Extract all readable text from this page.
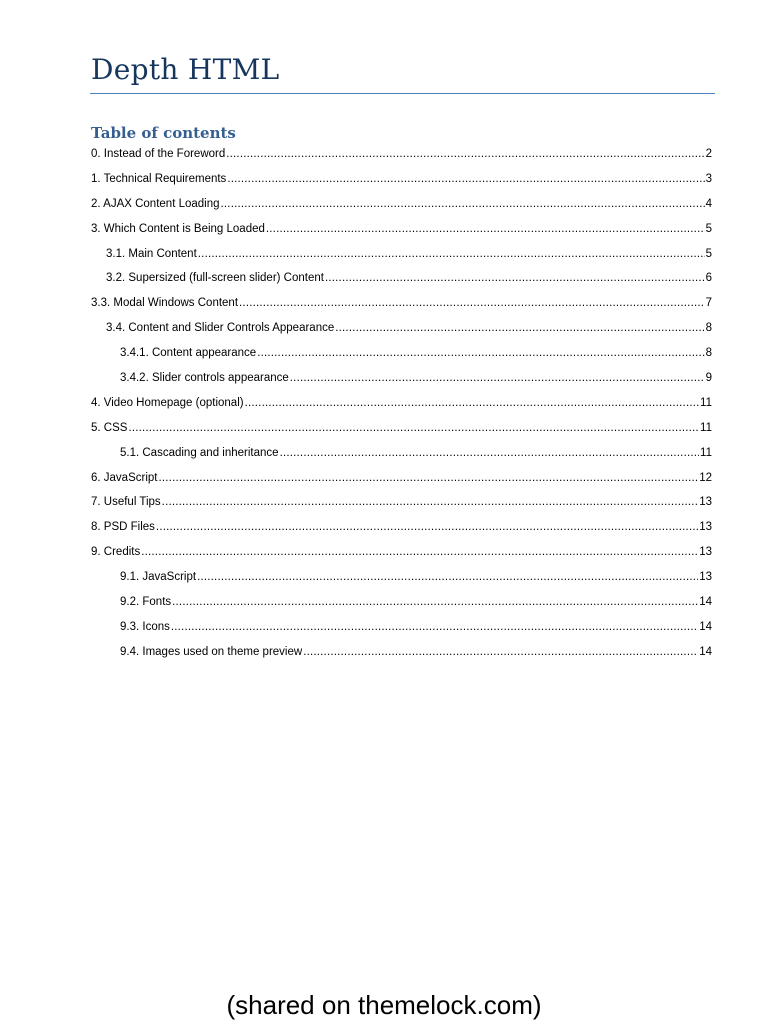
Depth HTML
Table of contents
0. Instead of the Foreword .....	2
1. Technical Requirements .....	3
2. AJAX Content Loading .....	4
3. Which Content is Being Loaded .....	5
3.1. Main Content .....	5
3.2. Supersized (full-screen slider) Content .....	6
3.3. Modal Windows Content .....	7
3.4. Content and Slider Controls Appearance .....	8
3.4.1. Content appearance .....	8
3.4.2. Slider controls appearance .....	9
4. Video Homepage (optional) .....	11
5. CSS .....	11
5.1. Cascading and inheritance .....	11
6. JavaScript .....	12
7. Useful Tips .....	13
8. PSD Files .....	13
9. Credits .....	13
9.1. JavaScript .....	13
9.2. Fonts .....	14
9.3. Icons .....	14
9.4. Images used on theme preview .....	14
(shared on themelock.com)
